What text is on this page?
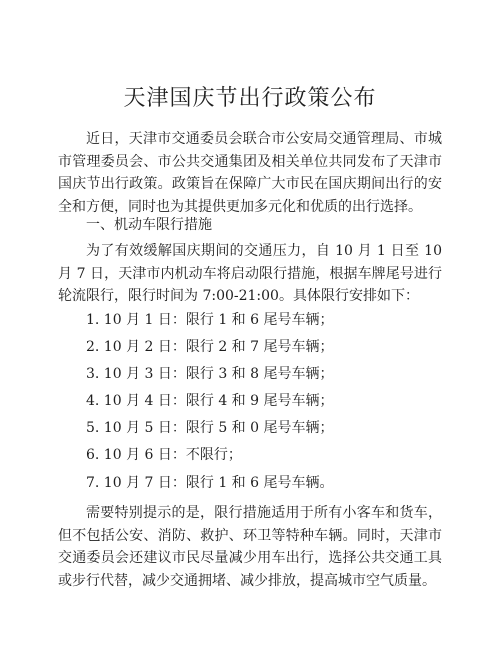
天津国庆节出行政策公布

近日，天津市交通委员会联合市公安局交通管理局、市城市管理委员会、市公共交通集团及相关单位共同发布了天津市国庆节出行政策。政策旨在保障广大市民在国庆期间出行的安全和方便，同时也为其提供更加多元化和优质的出行选择。

一、机动车限行措施

为了有效缓解国庆期间的交通压力，自 10 月 1 日至 10 月 7 日，天津市内机动车将启动限行措施，根据车牌尾号进行轮流限行，限行时间为 7:00-21:00。具体限行安排如下：

1. 10 月 1 日：限行 1 和 6 尾号车辆；
2. 10 月 2 日：限行 2 和 7 尾号车辆；
3. 10 月 3 日：限行 3 和 8 尾号车辆；
4. 10 月 4 日：限行 4 和 9 尾号车辆；
5. 10 月 5 日：限行 5 和 0 尾号车辆；
6. 10 月 6 日：不限行；
7. 10 月 7 日：限行 1 和 6 尾号车辆。

需要特别提示的是，限行措施适用于所有小客车和货车，但不包括公安、消防、救护、环卫等特种车辆。同时，天津市交通委员会还建议市民尽量减少用车出行，选择公共交通工具或步行代替，减少交通拥堵、减少排放，提高城市空气质量。
